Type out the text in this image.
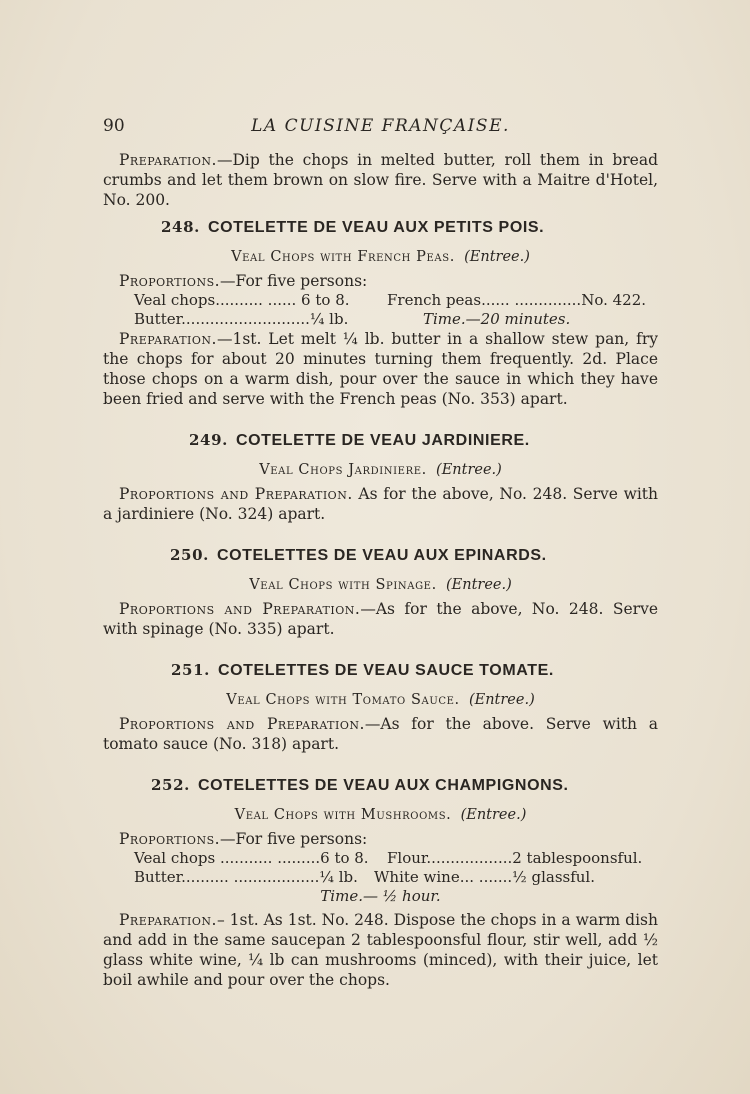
90	LA CUISINE FRANÇAISE.

Preparation.—Dip the chops in melted butter, roll them in bread crumbs and let them brown on slow fire. Serve with a Maitre d'Hotel, No. 200.

248. COTELETTE DE VEAU AUX PETITS POIS.
Veal Chops with French Peas. (Entree.)

Proportions.—For five persons:

Veal chops.......... ...... 6 to 8. French peas...... ..............No. 422.
Butter...........................¼ lb.	Time.—20 minutes.

Preparation.—1st. Let melt ¼ lb. butter in a shallow stew pan, fry the chops for about 20 minutes turning them frequently. 2d. Place those chops on a warm dish, pour over the sauce in which they have been fried and serve with the French peas (No. 353) apart.

249. COTELETTE DE VEAU JARDINIERE.
Veal Chops Jardiniere. (Entree.)

Proportions and Preparation. As for the above, No. 248. Serve with a jardiniere (No. 324) apart.

250. COTELETTES DE VEAU AUX EPINARDS.
Veal Chops with Spinage. (Entree.)

Proportions and Preparation.—As for the above, No. 248. Serve with spinage (No. 335) apart.

251. COTELETTES DE VEAU SAUCE TOMATE.
Veal Chops with Tomato Sauce. (Entree.)

Proportions and Preparation.—As for the above. Serve with a tomato sauce (No. 318) apart.

252. COTELETTES DE VEAU AUX CHAMPIGNONS.
Veal Chops with Mushrooms. (Entree.)

Proportions.—For five persons:

Veal chops ........... .........6 to 8. Flour..................2 tablespoonsful.
Butter.......... ..................¼ lb. White wine... .......½ glassful.
Time.— ½ hour.

Preparation.– 1st. As 1st. No. 248. Dispose the chops in a warm dish and add in the same saucepan 2 tablespoonsful flour, stir well, add ½ glass white wine, ¼ lb can mushrooms (minced), with their juice, let boil awhile and pour over the chops.
